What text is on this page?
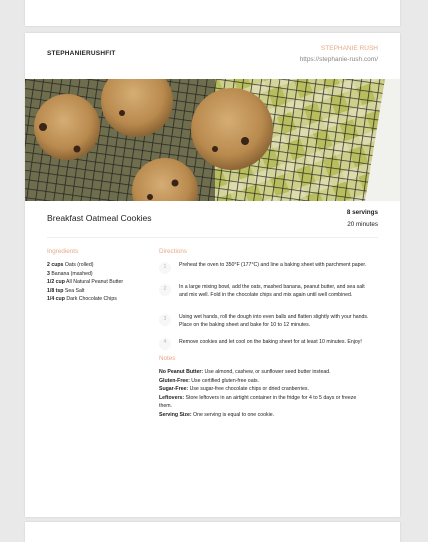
STEPHANIERUSHFIT
STEPHANIE RUSH
https://stephanie-rush.com/
Breakfast Oatmeal Cookies
8 servings
20 minutes
Ingredients
2 cups Oats (rolled)
3 Banana (mashed)
1/2 cup All Natural Peanut Butter
1/8 tsp Sea Salt
1/4 cup Dark Chocolate Chips
Directions
1	Preheat the oven to 350°F (177°C) and line a baking sheet with parchment paper.
2	In a large mixing bowl, add the oats, mashed banana, peanut butter, and sea salt and mix well. Fold in the chocolate chips and mix again until well combined.
3	Using wet hands, roll the dough into even balls and flatten slightly with your hands. Place on the baking sheet and bake for 10 to 12 minutes.
4	Remove cookies and let cool on the baking sheet for at least 10 minutes. Enjoy!
Notes

No Peanut Butter: Use almond, cashew, or sunflower seed butter instead.

Gluten-Free: Use certified gluten-free oats.

Sugar-Free: Use sugar-free chocolate chips or dried cranberries.

Leftovers: Store leftovers in an airtight container in the fridge for 4 to 5 days or freeze them.

Serving Size: One serving is equal to one cookie.
